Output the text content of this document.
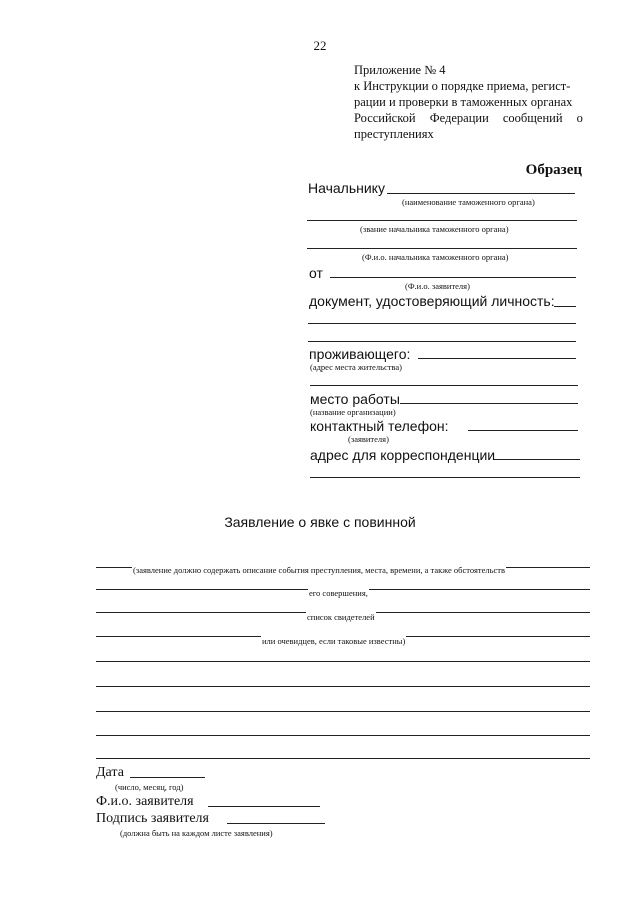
22
Приложение № 4
к Инструкции о порядке приема, регист-
рации и проверки в таможенных органах
Российской Федерации сообщений о
преступлениях
Образец
Начальнику
(наименование таможенного органа)
(звание начальника таможенного органа)
(Ф.и.о. начальника таможенного органа)
от
(Ф.и.о. заявителя)
документ, удостоверяющий личность:
проживающего:
(адрес места жительства)
место работы
(название организации)
контактный телефон:
(заявителя)
адрес для корреспонденции
Заявление о явке с повинной
(заявление должно содержать описание события преступления, места, времени, а также обстоятельств
его совершения,
список свидетелей
или очевидцев, если таковые известны)
Дата
(число, месяц, год)
Ф.и.о. заявителя
Подпись заявителя
(должна быть на каждом листе заявления)
